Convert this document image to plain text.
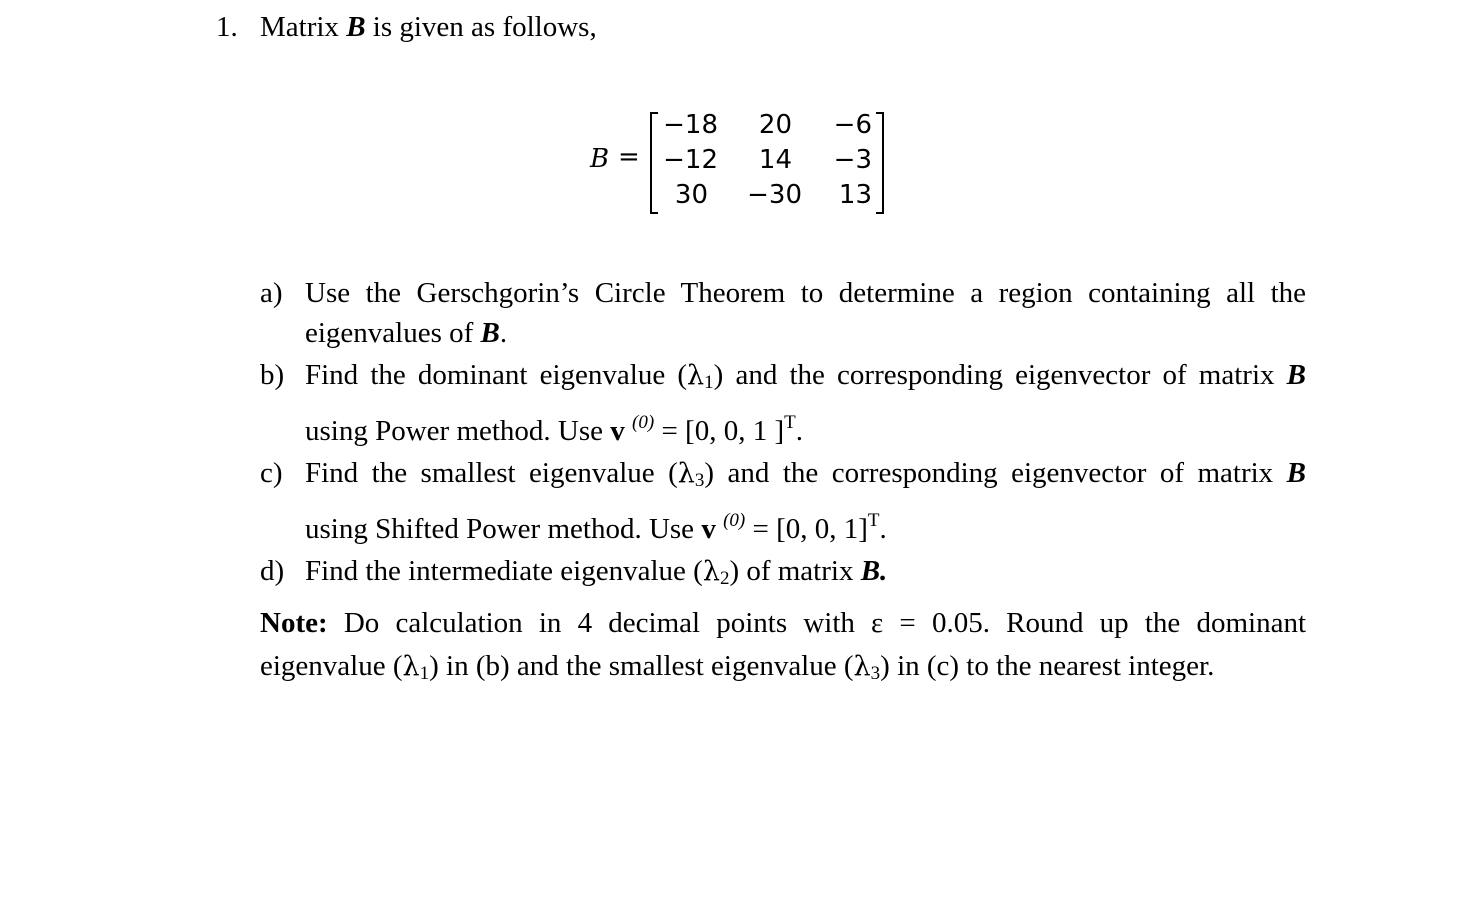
1. Matrix B is given as follows,
B =
−18	20	−6
−12	14	−3
30 −30	13
a) Use the Gerschgorin’s Circle Theorem to determine a region containing all the
eigenvalues of B.
b) Find the dominant eigenvalue $(\lambda_1)$ and the corresponding eigenvector of matrix B
using Power method. Use v $^{(0)}$ = [0, 0, 1 ]$^T$.
c) Find the smallest eigenvalue $(\lambda_3)$ and the corresponding eigenvector of matrix B
using Shifted Power method. Use v $^{(0)}$ = [0, 0, 1]$^T$.
d) Find the intermediate eigenvalue $(\lambda_2)$ of matrix B.
Note: Do calculation in 4 decimal points with ε = 0.05. Round up the dominant
eigenvalue $(\lambda_1)$ in (b) and the smallest eigenvalue $(\lambda_3)$ in (c) to the nearest integer.
